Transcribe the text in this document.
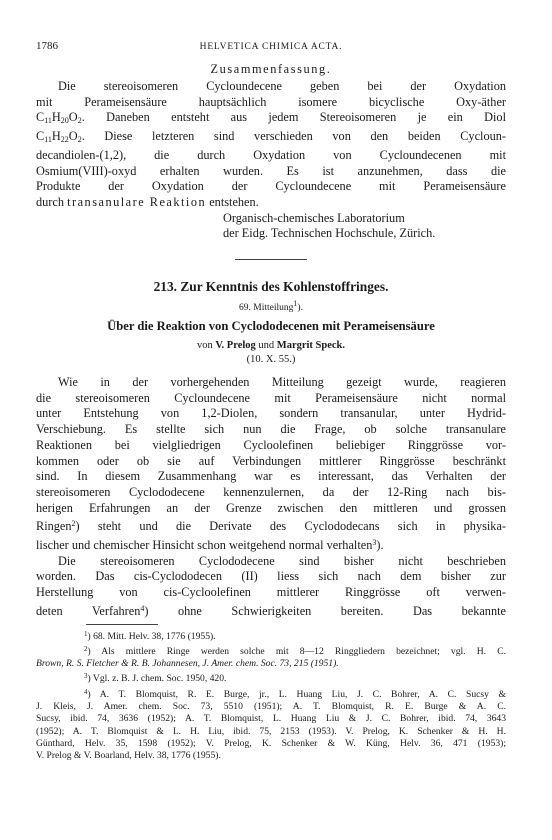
1786	HELVETICA CHIMICA ACTA.

Zusammenfassung.

Die stereoisomeren Cycloundecene geben bei der Oxydation
mit Perameisensäure hauptsächlich isomere bicyclische Oxy-äther
$C_{11}H_{20}O_2$. Daneben entsteht aus jedem Stereoisomeren je ein Diol
$C_{11}H_{22}O_2$. Diese letzteren sind verschieden von den beiden Cycloun-
decandiolen-(1,2), die durch Oxydation von Cycloundecenen mit
Osmium(VIII)-oxyd erhalten wurden. Es ist anzunehmen, dass die
Produkte der Oxydation der Cycloundecene mit Perameisensäure
durch transanulare Reaktion entstehen.
Organisch-chemisches Laboratorium
der Eidg. Technischen Hochschule, Zürich.

213. Zur Kenntnis des Kohlenstoffringes.

69. Mitteilung$^1$).

Über die Reaktion von Cyclododecenen mit Perameisensäure

von V. Prelog und Margrit Speck.

(10. X. 55.)

Wie in der vorhergehenden Mitteilung gezeigt wurde, reagieren
die stereoisomeren Cycloundecene mit Perameisensäure nicht normal
unter Entstehung von 1,2-Diolen, sondern transanular, unter Hydrid-
Verschiebung. Es stellte sich nun die Frage, ob solche transanulare
Reaktionen bei vielgliedrigen Cycloolefinen beliebiger Ringgrösse vor-
kommen oder ob sie auf Verbindungen mittlerer Ringgrösse beschränkt
sind. In diesem Zusammenhang war es interessant, das Verhalten der
stereoisomeren Cyclododecene kennenzulernen, da der 12-Ring nach bis-
herigen Erfahrungen an der Grenze zwischen den mittleren und grossen
Ringen$^2$) steht und die Derivate des Cyclododecans sich in physika-
lischer und chemischer Hinsicht schon weitgehend normal verhalten$^3$).
Die stereoisomeren Cyclododecene sind bisher nicht beschrieben
worden. Das cis-Cyclododecen (II) liess sich nach dem bisher zur
Herstellung von cis-Cycloolefinen mittlerer Ringgrösse oft verwen-
deten Verfahren$^4$) ohne Schwierigkeiten bereiten. Das bekannte
$^1$) 68. Mitt. Helv. 38, 1776 (1955).
$^2$) Als mittlere Ringe werden solche mit 8—12 Ringgliedern bezeichnet; vgl. H. C.
Brown, R. S. Fletcher & R. B. Johannesen, J. Amer. chem. Soc. 73, 215 (1951).
$^3$) Vgl. z. B. J. chem. Soc. 1950, 420.
$^4$) A. T. Blomquist, R. E. Burge, jr., L. Huang Liu, J. C. Bohrer, A. C. Sucsy &
J. Kleis, J. Amer. chem. Soc. 73, 5510 (1951); A. T. Blomquist, R. E. Burge & A. C.
Sucsy, ibid. 74, 3636 (1952); A. T. Blomquist, L. Huang Liu & J. C. Bohrer, ibid. 74, 3643
(1952); A. T. Blomquist & L. H. Liu, ibid. 75, 2153 (1953). V. Prelog, K. Schenker & H. H.
Günthard, Helv. 35, 1598 (1952); V. Prelog, K. Schenker & W. Küng, Helv. 36, 471 (1953);
V. Prelog & V. Boarland, Helv. 38, 1776 (1955).
